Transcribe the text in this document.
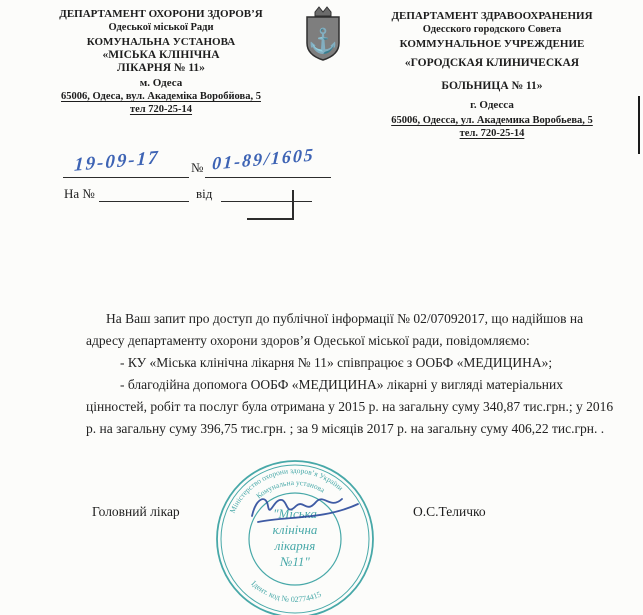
ДЕПАРТАМЕНТ ОХОРОНИ ЗДОРОВ’Я
Одеської міської Ради
КОМУНАЛЬНА УСТАНОВА
«МІСЬКА КЛІНІЧНА
ЛІКАРНЯ № 11»
м. Одеса
65006, Одеса, вул. Академіка Воробйова, 5
тел 720-25-14
⚓
ДЕПАРТАМЕНТ ЗДРАВООХРАНЕНИЯ
Одесского городского Совета
КОММУНАЛЬНОЕ УЧРЕЖДЕНИЕ
«ГОРОДСКАЯ КЛИНИЧЕСКАЯ
БОЛЬНИЦА № 11»
г. Одесса
65006, Одесса, ул. Академика Воробьева, 5
тел. 720-25-14
19-09-17 № 01-89/1605
На №	від

На Ваш запит про доступ до публічної інформації № 02/07092017, що надійшов на адресу департаменту охорони здоров’я Одеської міської ради, повідомляємо:

- КУ «Міська клінічна лікарня № 11» співпрацює з ООБФ «МЕДИЦИНА»;

- благодійна допомога ООБФ «МЕДИЦИНА» лікарні у вигляді матеріальних цінностей, робіт та послуг була отримана у 2015 р. на загальну суму 340,87 тис.грн.; у 2016 р. на загальну суму 396,75 тис.грн. ; за 9 місяців 2017 р. на загальну суму 406,22 тис.грн. .

Головний лікар	О.С.Теличко
Міністерство охорони здоров’я України
Комунальна установа
Ідент. код № 02774415
"Міська
клінічна
лікарня
№11"
